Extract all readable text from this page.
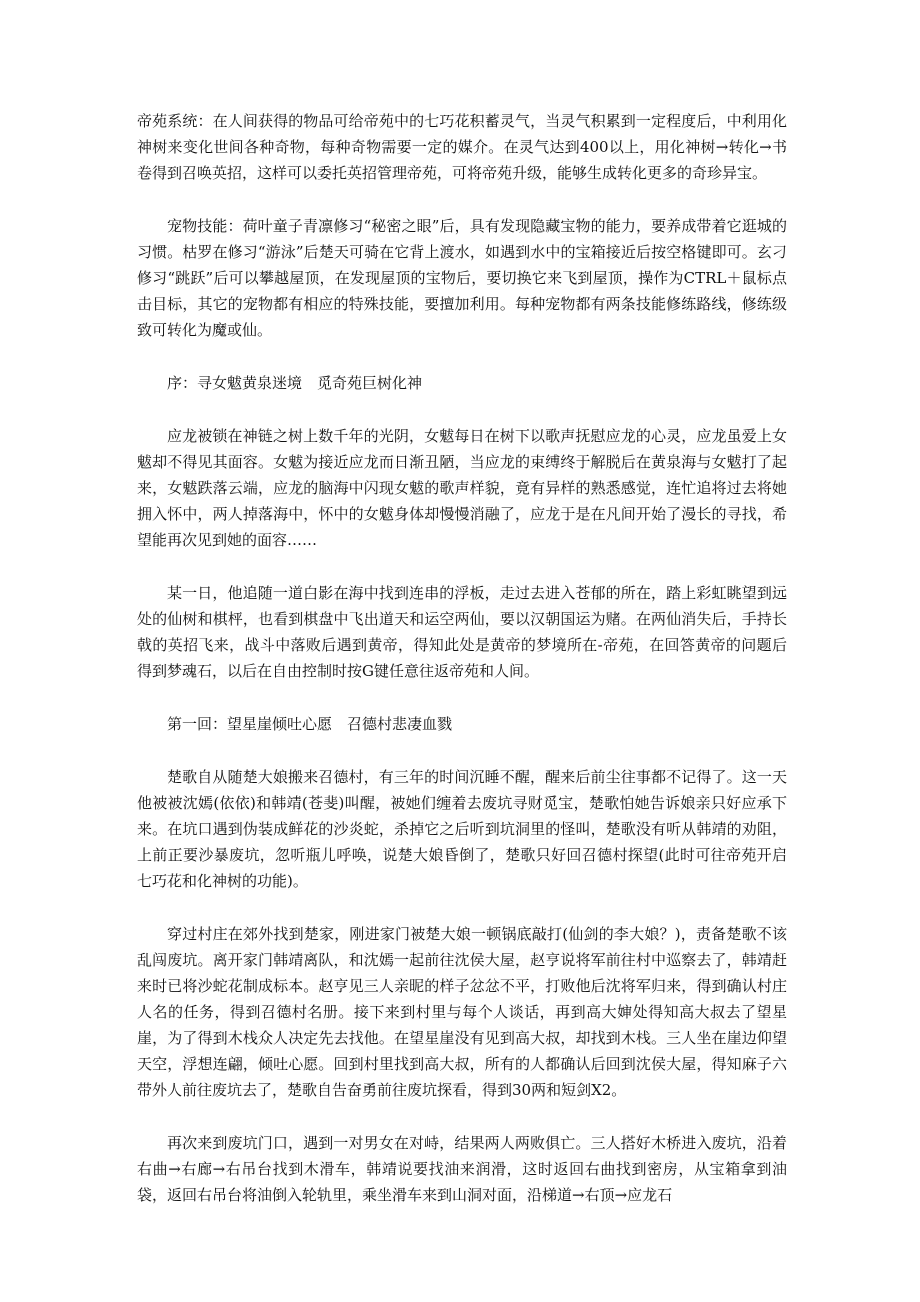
帝苑系统：在人间获得的物品可给帝苑中的七巧花积蓄灵气，当灵气积累到一定程度后，中利用化神树来变化世间各种奇物，每种奇物需要一定的媒介。在灵气达到400以上，用化神树→转化→书卷得到召唤英招，这样可以委托英招管理帝苑，可将帝苑升级，能够生成转化更多的奇珍异宝。

宠物技能：荷叶童子青凛修习“秘密之眼”后，具有发现隐藏宝物的能力，要养成带着它逛城的习惯。枯罗在修习“游泳”后楚天可骑在它背上渡水，如遇到水中的宝箱接近后按空格键即可。玄刁修习“跳跃”后可以攀越屋顶，在发现屋顶的宝物后，要切换它来飞到屋顶，操作为CTRL＋鼠标点击目标，其它的宠物都有相应的特殊技能，要擅加利用。每种宠物都有两条技能修练路线，修练级致可转化为魔或仙。

序：寻女魃黄泉迷境　觅奇苑巨树化神

应龙被锁在神链之树上数千年的光阴，女魃每日在树下以歌声抚慰应龙的心灵，应龙虽爱上女魃却不得见其面容。女魃为接近应龙而日渐丑陋，当应龙的束缚终于解脱后在黄泉海与女魃打了起来，女魃跌落云端，应龙的脑海中闪现女魃的歌声样貌，竟有异样的熟悉感觉，连忙追将过去将她拥入怀中，两人掉落海中，怀中的女魃身体却慢慢消融了，应龙于是在凡间开始了漫长的寻找，希望能再次见到她的面容……

某一日，他追随一道白影在海中找到连串的浮板，走过去进入苍郁的所在，踏上彩虹眺望到远处的仙树和棋枰，也看到棋盘中飞出道天和运空两仙，要以汉朝国运为赌。在两仙消失后，手持长戟的英招飞来，战斗中落败后遇到黄帝，得知此处是黄帝的梦境所在-帝苑，在回答黄帝的问题后得到梦魂石，以后在自由控制时按G键任意往返帝苑和人间。

第一回：望星崖倾吐心愿　召德村悲凄血戮

楚歌自从随楚大娘搬来召德村，有三年的时间沉睡不醒，醒来后前尘往事都不记得了。这一天他被被沈嫣(依依)和韩靖(苍斐)叫醒，被她们缠着去废坑寻财觅宝，楚歌怕她告诉娘亲只好应承下来。在坑口遇到伪装成鲜花的沙炎蛇，杀掉它之后听到坑洞里的怪叫，楚歌没有听从韩靖的劝阻，上前正要沙暴废坑，忽听瓶儿呼唤，说楚大娘昏倒了，楚歌只好回召德村探望(此时可往帝苑开启七巧花和化神树的功能)。

穿过村庄在郊外找到楚家，刚进家门被楚大娘一顿锅底敲打(仙剑的李大娘？)，责备楚歌不该乱闯废坑。离开家门韩靖离队，和沈嫣一起前往沈侯大屋，赵亨说将军前往村中巡察去了，韩靖赶来时已将沙蛇花制成标本。赵亨见三人亲昵的样子忿忿不平，打败他后沈将军归来，得到确认村庄人名的任务，得到召德村名册。接下来到村里与每个人谈话，再到高大婶处得知高大叔去了望星崖，为了得到木栈众人决定先去找他。在望星崖没有见到高大叔，却找到木栈。三人坐在崖边仰望天空，浮想连翩，倾吐心愿。回到村里找到高大叔，所有的人都确认后回到沈侯大屋，得知麻子六带外人前往废坑去了，楚歌自告奋勇前往废坑探看，得到30两和短剑X2。

再次来到废坑门口，遇到一对男女在对峙，结果两人两败俱亡。三人搭好木桥进入废坑，沿着右曲→右廊→右吊台找到木滑车，韩靖说要找油来润滑，这时返回右曲找到密房，从宝箱拿到油袋，返回右吊台将油倒入轮轨里，乘坐滑车来到山洞对面，沿梯道→右顶→应龙石
